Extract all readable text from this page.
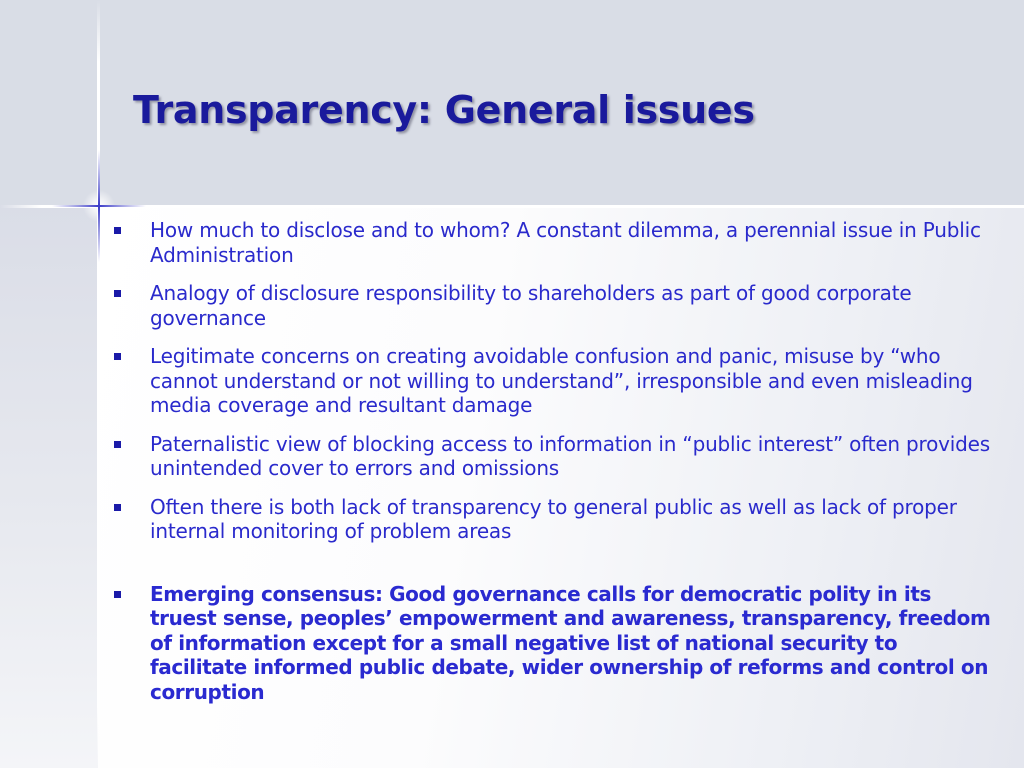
Transparency: General issues
How much to disclose and to whom? A constant dilemma, a perennial issue in Public Administration
Analogy of disclosure responsibility to shareholders as part of good corporate governance
Legitimate concerns on creating avoidable confusion and panic, misuse by “who cannot understand or not willing to understand”, irresponsible and even misleading media coverage and resultant damage
Paternalistic view of blocking access to information in “public interest” often provides unintended cover to errors and omissions
Often there is both lack of transparency to general public as well as lack of proper internal monitoring of problem areas
Emerging consensus: Good governance calls for democratic polity in its truest sense, peoples’ empowerment and awareness, transparency, freedom of information except for a small negative list of national security to facilitate informed public debate, wider ownership of reforms and control on corruption
